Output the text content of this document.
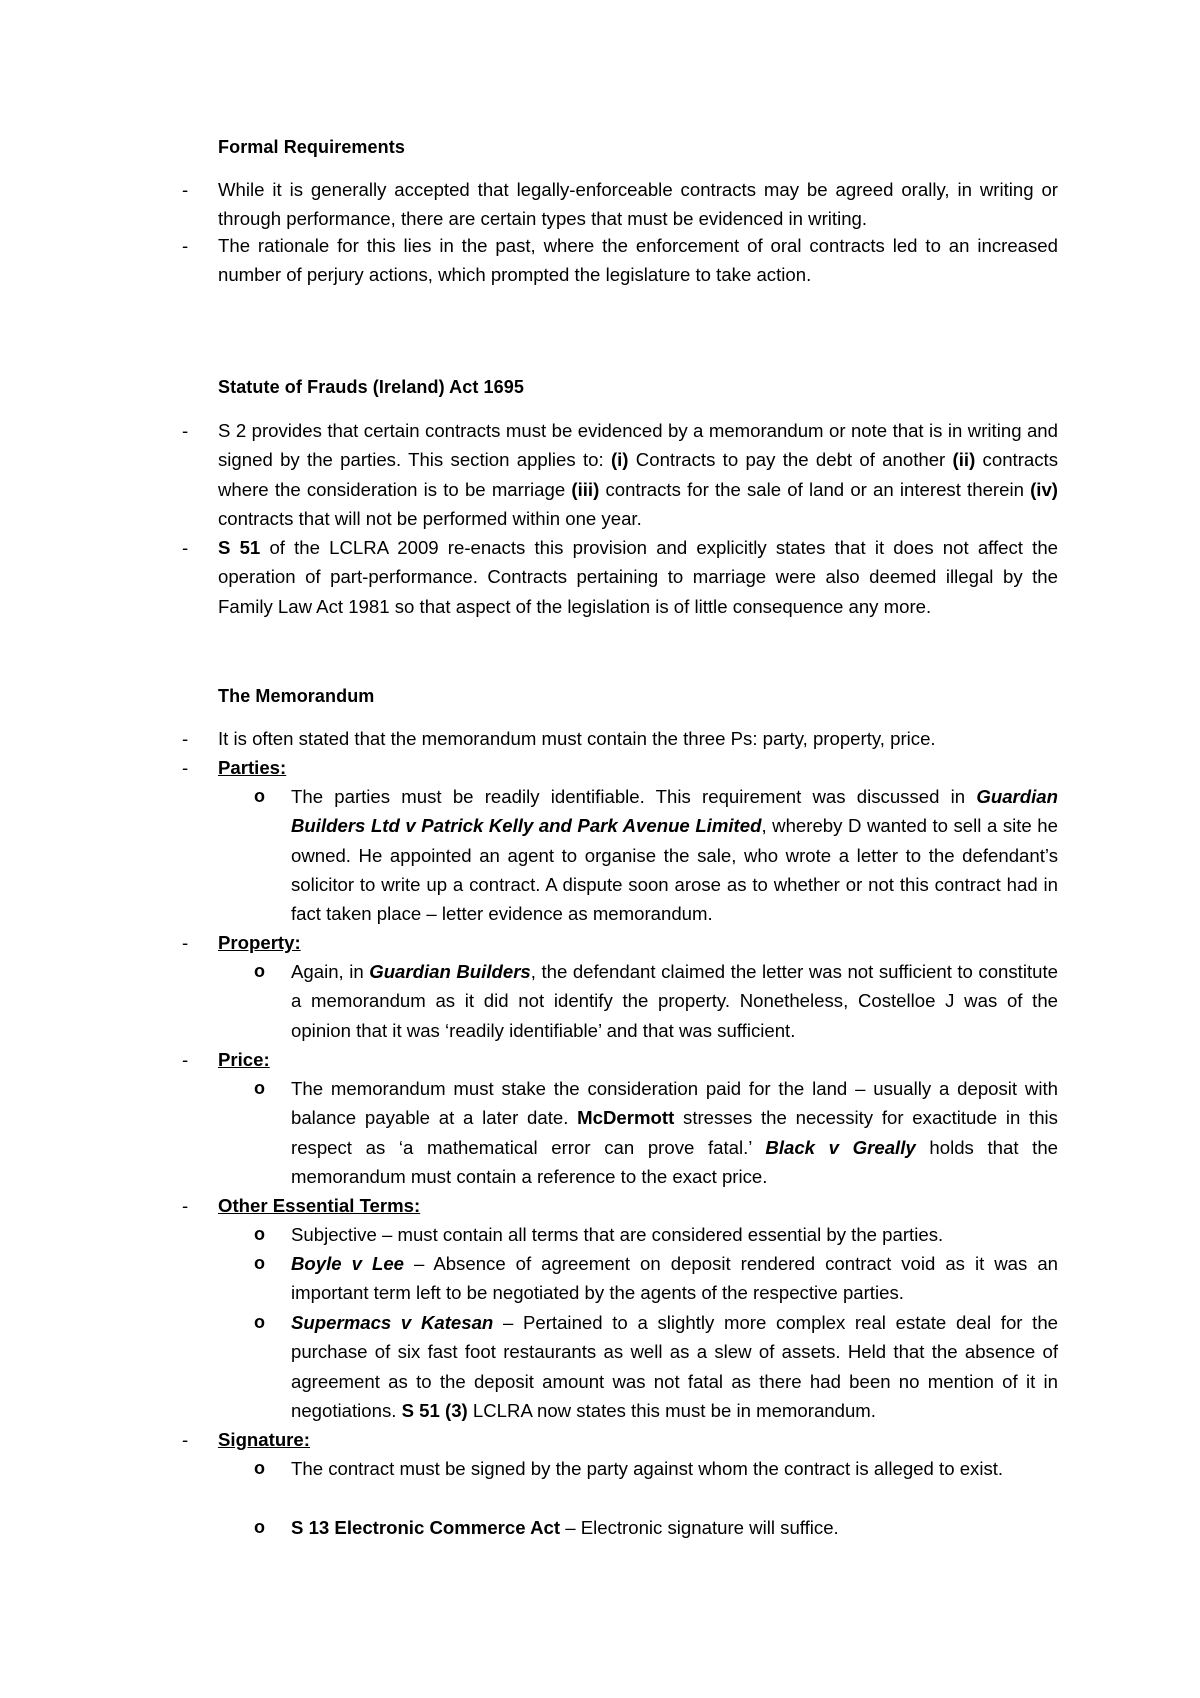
Formal Requirements
- While it is generally accepted that legally-enforceable contracts may be agreed orally, in writing or through performance, there are certain types that must be evidenced in writing.
- The rationale for this lies in the past, where the enforcement of oral contracts led to an increased number of perjury actions, which prompted the legislature to take action.
Statute of Frauds (Ireland) Act 1695
- S 2 provides that certain contracts must be evidenced by a memorandum or note that is in writing and signed by the parties. This section applies to: (i) Contracts to pay the debt of another (ii) contracts where the consideration is to be marriage (iii) contracts for the sale of land or an interest therein (iv) contracts that will not be performed within one year.
- S 51 of the LCLRA 2009 re-enacts this provision and explicitly states that it does not affect the operation of part-performance. Contracts pertaining to marriage were also deemed illegal by the Family Law Act 1981 so that aspect of the legislation is of little consequence any more.
The Memorandum
- It is often stated that the memorandum must contain the three Ps: party, property, price.
- Parties:
o The parties must be readily identifiable. This requirement was discussed in Guardian Builders Ltd v Patrick Kelly and Park Avenue Limited, whereby D wanted to sell a site he owned. He appointed an agent to organise the sale, who wrote a letter to the defendant’s solicitor to write up a contract. A dispute soon arose as to whether or not this contract had in fact taken place – letter evidence as memorandum.
- Property:
o Again, in Guardian Builders, the defendant claimed the letter was not sufficient to constitute a memorandum as it did not identify the property. Nonetheless, Costelloe J was of the opinion that it was ‘readily identifiable’ and that was sufficient.
- Price:
o The memorandum must stake the consideration paid for the land – usually a deposit with balance payable at a later date. McDermott stresses the necessity for exactitude in this respect as ‘a mathematical error can prove fatal.’ Black v Greally holds that the memorandum must contain a reference to the exact price.
- Other Essential Terms:
o Subjective – must contain all terms that are considered essential by the parties.
o Boyle v Lee – Absence of agreement on deposit rendered contract void as it was an important term left to be negotiated by the agents of the respective parties.
o Supermacs v Katesan – Pertained to a slightly more complex real estate deal for the purchase of six fast foot restaurants as well as a slew of assets. Held that the absence of agreement as to the deposit amount was not fatal as there had been no mention of it in negotiations. S 51 (3) LCLRA now states this must be in memorandum.
- Signature:
o The contract must be signed by the party against whom the contract is alleged to exist.
o S 13 Electronic Commerce Act – Electronic signature will suffice.
